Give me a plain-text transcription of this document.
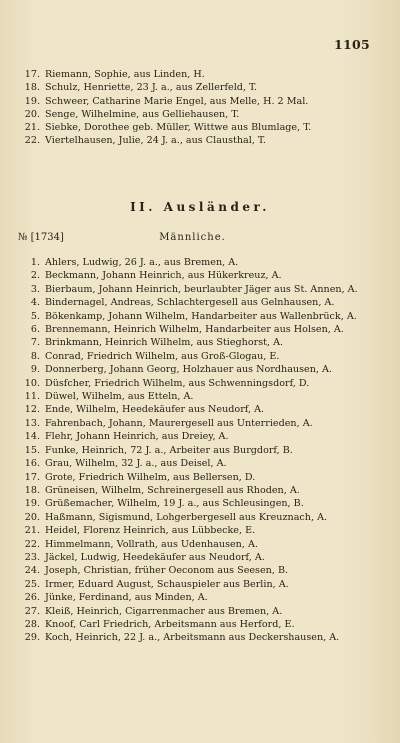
1105
17. Riemann, Sophie, aus Linden, H.
18. Schulz, Henriette, 23 J. a., aus Zellerfeld, T.
19. Schweer, Catharine Marie Engel, aus Melle, H. 2 Mal.
20. Senge, Wilhelmine, aus Gelliehausen, T.
21. Siebke, Dorothee geb. Müller, Wittwe aus Blumlage, T.
22. Viertelhausen, Julie, 24 J. a., aus Clausthal, T.
II. Ausländer.
№ [1734]	Männliche.
1. Ahlers, Ludwig, 26 J. a., aus Bremen, A.
2. Beckmann, Johann Heinrich, aus Hükerkreuz, A.
3. Bierbaum, Johann Heinrich, beurlaubter Jäger aus St. Annen, A.
4. Bindernagel, Andreas, Schlachtergesell aus Gelnhausen, A.
5. Bökenkamp, Johann Wilhelm, Handarbeiter aus Wallenbrück, A.
6. Brennemann, Heinrich Wilhelm, Handarbeiter aus Holsen, A.
7. Brinkmann, Heinrich Wilhelm, aus Stieghorst, A.
8. Conrad, Friedrich Wilhelm, aus Groß-Glogau, E.
9. Donnerberg, Johann Georg, Holzhauer aus Nordhausen, A.
10. Düsfcher, Friedrich Wilhelm, aus Schwenningsdorf, D.
11. Düwel, Wilhelm, aus Etteln, A.
12. Ende, Wilhelm, Heedekäufer aus Neudorf, A.
13. Fahrenbach, Johann, Maurergesell aus Unterrieden, A.
14. Flehr, Johann Heinrich, aus Dreiey, A.
15. Funke, Heinrich, 72 J. a., Arbeiter aus Burgdorf, B.
16. Grau, Wilhelm, 32 J. a., aus Deisel, A.
17. Grote, Friedrich Wilhelm, aus Bellersen, D.
18. Grüneisen, Wilhelm, Schreinergesell aus Rhoden, A.
19. Grüßemacher, Wilhelm, 19 J. a., aus Schleusingen, B.
20. Haßmann, Sigismund, Lohgerbergesell aus Kreuznach, A.
21. Heidel, Florenz Heinrich, aus Lübbecke, E.
22. Himmelmann, Vollrath, aus Udenhausen, A.
23. Jäckel, Ludwig, Heedekäufer aus Neudorf, A.
24. Joseph, Christian, früher Oeconom aus Seesen, B.
25. Irmer, Eduard August, Schauspieler aus Berlin, A.
26. Jünke, Ferdinand, aus Minden, A.
27. Kleiß, Heinrich, Cigarrenmacher aus Bremen, A.
28. Knoof, Carl Friedrich, Arbeitsmann aus Herford, E.
29. Koch, Heinrich, 22 J. a., Arbeitsmann aus Deckershausen, A.
